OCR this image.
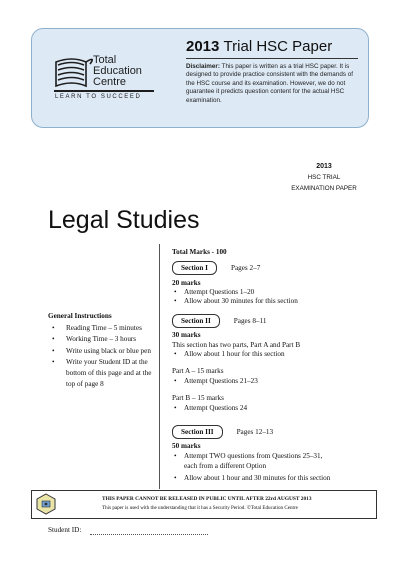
Total
Education
Centre
LEARN TO SUCCEED
2013 Trial HSC Paper
Disclaimer: This paper is written as a trial HSC paper. It is designed to provide practice consistent with the demands of the HSC course and its examination. However, we do not guarantee it predicts question content for the actual HSC examination.
2013
HSC TRIAL
EXAMINATION PAPER
Legal Studies
Total Marks - 100
Section I	Pages 2–7
20 marks
• Attempt Questions 1–20
• Allow about 30 minutes for this section
Section II	Pages 8–11
30 marks
This section has two parts, Part A and Part B
• Allow about 1 hour for this section
Part A – 15 marks
• Attempt Questions 21–23
Part B – 15 marks
• Attempt Questions 24
Section III	Pages 12–13
50 marks
• Attempt TWO questions from Questions 25–31,
each from a different Option
• Allow about 1 hour and 30 minutes for this section
General Instructions
•	Reading Time – 5 minutes
•	Working Time – 3 hours
•	Write using black or blue pen
•	Write your Student ID at the bottom of this page and at the top of page 8
THIS PAPER CANNOT BE RELEASED IN PUBLIC UNTIL AFTER 22rd AUGUST 2013
This paper is used with the understanding that it has a Security Period. ©Total Education Centre
Student ID:
